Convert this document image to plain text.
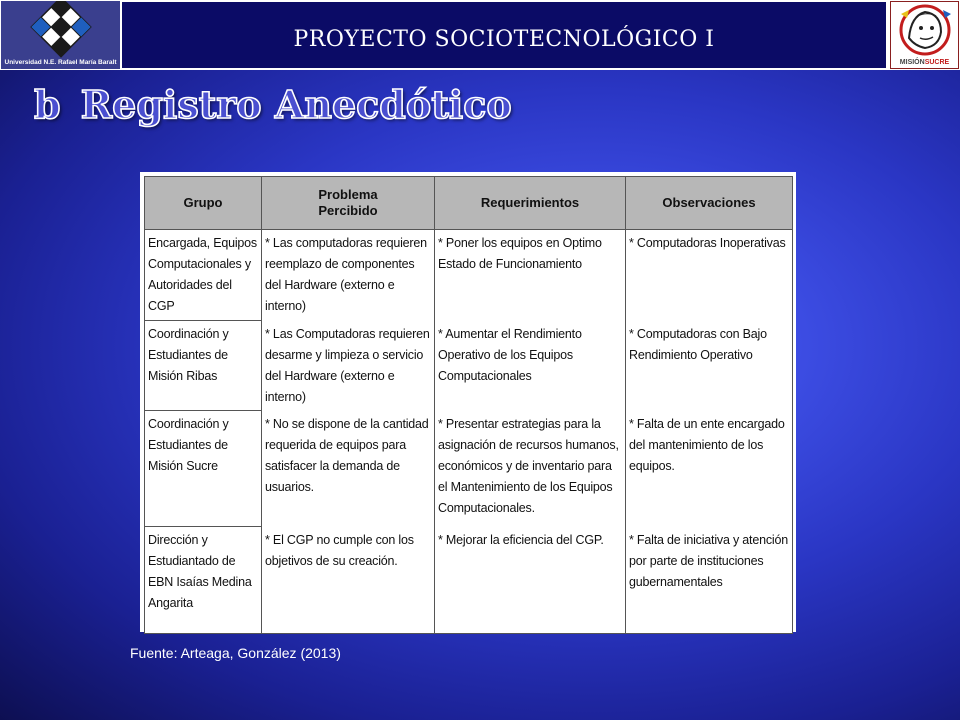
Universidad N.E. Rafael María Baralt
PROYECTO SOCIOTECNOLÓGICO I
MISIÓNSUCRE
b Registro Anecdótico
Grupo	Problema Percibido	Requerimientos	Observaciones
Encargada, Equipos Computacionales y Autoridades del CGP	* Las computadoras requieren reemplazo de componentes del Hardware (externo e interno)	* Poner los equipos en Optimo Estado de Funcionamiento	* Computadoras Inoperativas
Coordinación y Estudiantes de Misión Ribas	* Las Computadoras requieren desarme y limpieza o servicio del Hardware (externo e interno)	* Aumentar el Rendimiento Operativo de los Equipos Computacionales	* Computadoras con Bajo Rendimiento Operativo
Coordinación y Estudiantes de Misión Sucre	* No se dispone de la cantidad requerida de equipos para satisfacer la demanda de usuarios.	* Presentar estrategias para la asignación de recursos humanos, económicos y de inventario para el Mantenimiento de los Equipos Computacionales.	* Falta de un ente encargado del mantenimiento de los equipos.
Dirección y Estudiantado de EBN Isaías Medina Angarita	* El CGP no cumple con los objetivos de su creación.	* Mejorar la eficiencia del CGP.	* Falta de iniciativa y atención por parte de instituciones gubernamentales
Fuente: Arteaga, González (2013)
